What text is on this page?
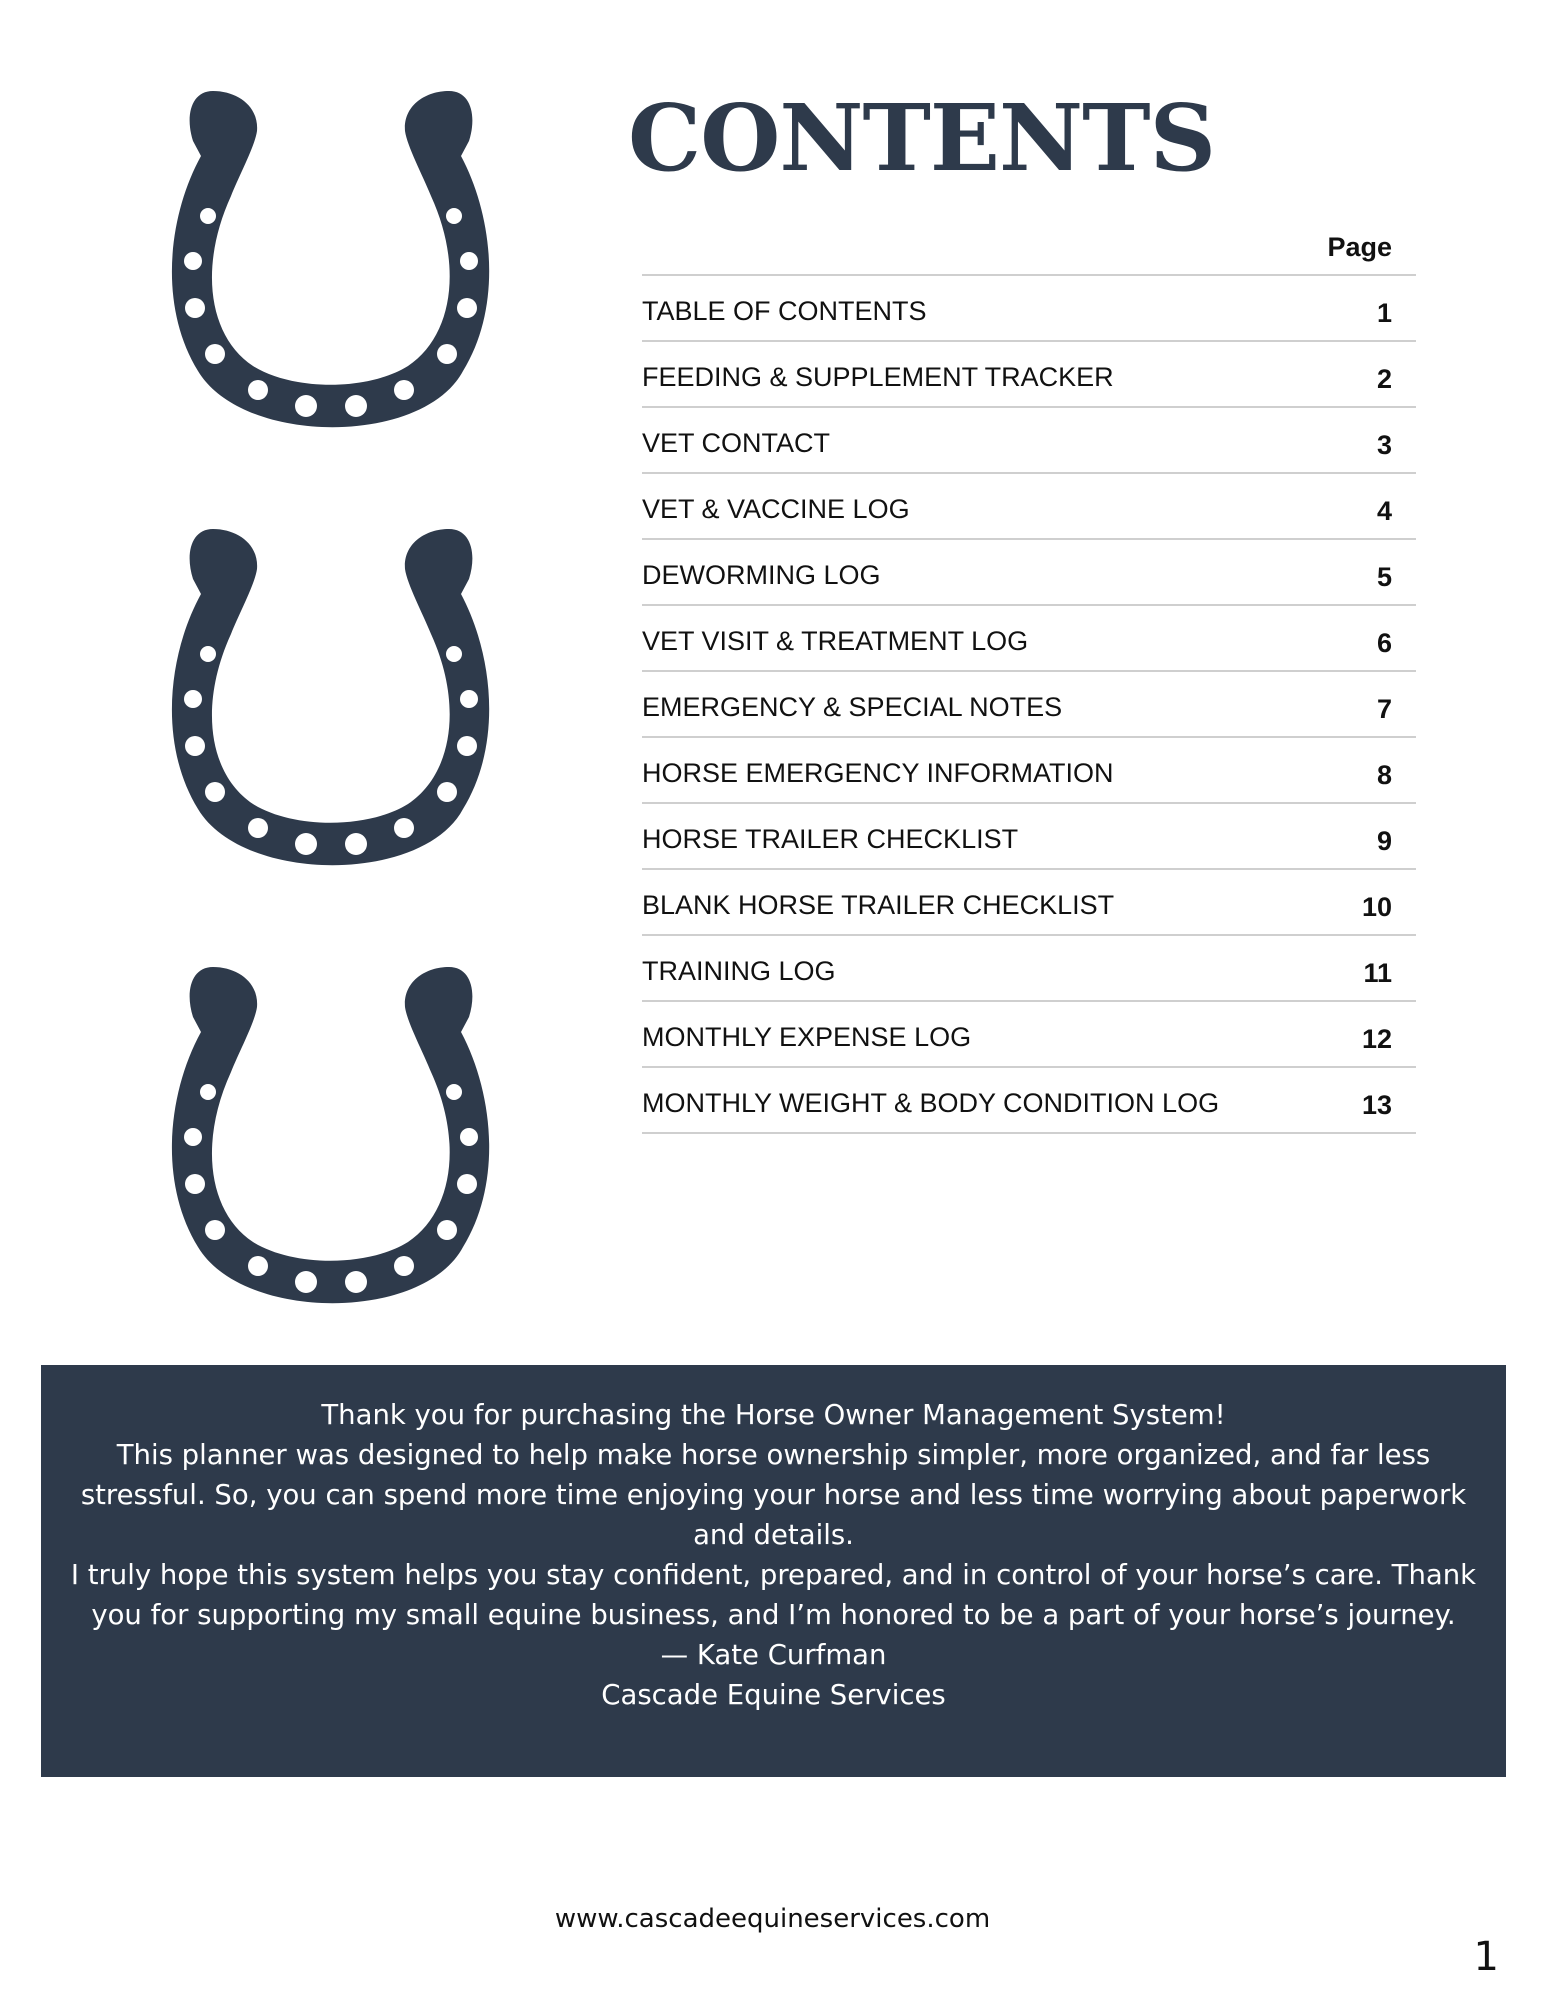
CONTENTS
Page
TABLE OF CONTENTS	1
FEEDING & SUPPLEMENT TRACKER	2
VET CONTACT	3
VET & VACCINE LOG	4
DEWORMING LOG	5
VET VISIT & TREATMENT LOG	6
EMERGENCY & SPECIAL NOTES	7
HORSE EMERGENCY INFORMATION	8
HORSE TRAILER CHECKLIST	9
BLANK HORSE TRAILER CHECKLIST	10
TRAINING LOG	11
MONTHLY EXPENSE LOG	12
MONTHLY WEIGHT & BODY CONDITION LOG	13

Thank you for purchasing the Horse Owner Management System!

This planner was designed to help make horse ownership simpler, more organized, and far less stressful. So, you can spend more time enjoying your horse and less time worrying about paperwork and details.

I truly hope this system helps you stay confident, prepared, and in control of your horse’s care. Thank you for supporting my small equine business, and I’m honored to be a part of your horse’s journey.

— Kate Curfman

Cascade Equine Services

www.cascadeequineservices.com
1
